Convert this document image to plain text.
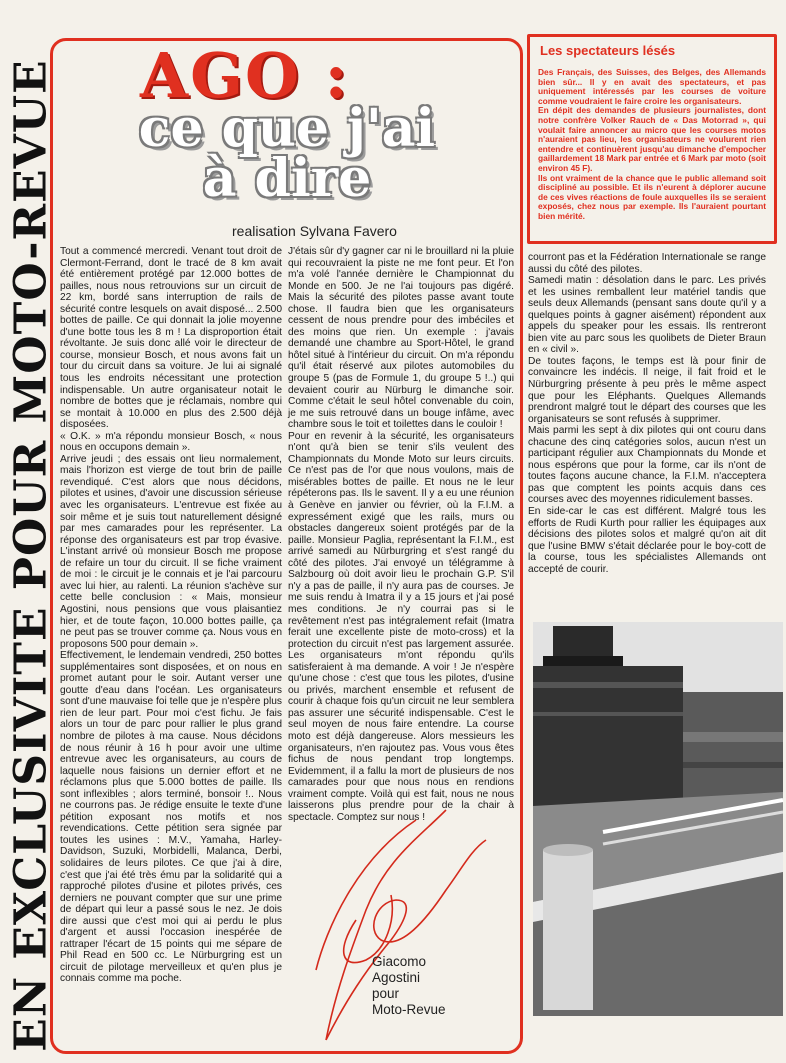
EN EXCLUSIVITE POUR MOTO-REVUE AGO :
ce que j'ai
à dire
realisation Sylvana Favero

Tout a commencé mercredi. Venant tout droit de Clermont-Ferrand, dont le tracé de 8 km avait été entièrement protégé par 12.000 bottes de pailles, nous nous retrouvions sur un circuit de 22 km, bordé sans interruption de rails de sécurité contre lesquels on avait disposé... 2.500 bottes de paille. Ce qui donnait la jolie moyenne d'une botte tous les 8 m ! La disproportion était révoltante. Je suis donc allé voir le directeur de course, monsieur Bosch, et nous avons fait un tour du circuit dans sa voiture. Je lui ai signalé tous les endroits nécessitant une protection indispensable. Un autre organisateur notait le nombre de bottes que je réclamais, nombre qui se montait à 10.000 en plus des 2.500 déjà disposées.

« O.K. » m'a répondu monsieur Bosch, « nous nous en occupons demain ».

Arrive jeudi ; des essais ont lieu normalement, mais l'horizon est vierge de tout brin de paille revendiqué. C'est alors que nous décidons, pilotes et usines, d'avoir une discussion sérieuse avec les organisateurs. L'entrevue est fixée au soir même et je suis tout naturellement désigné par mes camarades pour les représenter. La réponse des organisateurs est par trop évasive. L'instant arrivé où monsieur Bosch me propose de refaire un tour du circuit. Il se fiche vraiment de moi : le circuit je le connais et je l'ai parcouru avec lui hier, au ralenti. La réunion s'achève sur cette belle conclusion : « Mais, monsieur Agostini, nous pensions que vous plaisantiez hier, et de toute façon, 10.000 bottes paille, ça ne peut pas se trouver comme ça. Nous vous en proposons 500 pour demain ».

Effectivement, le lendemain vendredi, 250 bottes supplémentaires sont disposées, et on nous en promet autant pour le soir. Autant verser une goutte d'eau dans l'océan. Les organisateurs sont d'une mauvaise foi telle que je n'espère plus rien de leur part. Pour moi c'est fichu. Je fais alors un tour de parc pour rallier le plus grand nombre de pilotes à ma cause. Nous décidons de nous réunir à 16 h pour avoir une ultime entrevue avec les organisateurs, au cours de laquelle nous faisions un dernier effort et ne réclamons plus que 5.000 bottes de paille. Ils sont inflexibles ; alors terminé, bonsoir !.. Nous ne courrons pas. Je rédige ensuite le texte d'une pétition exposant nos motifs et nos revendications. Cette pétition sera signée par toutes les usines : M.V., Yamaha, Harley-Davidson, Suzuki, Morbidelli, Malanca, Derbi, solidaires de leurs pilotes. Ce que j'ai à dire, c'est que j'ai été très ému par la solidarité qui a rapproché pilotes d'usine et pilotes privés, ces derniers ne pouvant compter que sur une prime de départ qui leur a passé sous le nez. Je dois dire aussi que c'est moi qui ai perdu le plus d'argent et aussi l'occasion inespérée de rattraper l'écart de 15 points qui me sépare de Phil Read en 500 cc. Le Nürburgring est un circuit de pilotage merveilleux et qu'en plus je connais comme ma poche.

J'étais sûr d'y gagner car ni le brouillard ni la pluie qui recouvraient la piste ne me font peur. Et l'on m'a volé l'année dernière le Championnat du Monde en 500. Je ne l'ai toujours pas digéré. Mais la sécurité des pilotes passe avant toute chose. Il faudra bien que les organisateurs cessent de nous prendre pour des imbéciles et des moins que rien. Un exemple : j'avais demandé une chambre au Sport-Hôtel, le grand hôtel situé à l'intérieur du circuit. On m'a répondu qu'il était réservé aux pilotes automobiles du groupe 5 (pas de Formule 1, du groupe 5 !..) qui devaient courir au Nürburg le dimanche soir. Comme c'était le seul hôtel convenable du coin, je me suis retrouvé dans un bouge infâme, avec chambre sous le toit et toilettes dans le couloir !

Pour en revenir à la sécurité, les organisateurs n'ont qu'à bien se tenir s'ils veulent des Championnats du Monde Moto sur leurs circuits. Ce n'est pas de l'or que nous voulons, mais de misérables bottes de paille. Et nous ne le leur répéterons pas. Ils le savent. Il y a eu une réunion à Genève en janvier ou février, où la F.I.M. a expressément exigé que les rails, murs ou obstacles dangereux soient protégés par de la paille. Monsieur Paglia, représentant la F.I.M., est arrivé samedi au Nürburgring et s'est rangé du côté des pilotes. J'ai envoyé un télégramme à Salzbourg où doit avoir lieu le prochain G.P. S'il n'y a pas de paille, il n'y aura pas de courses. Je me suis rendu à Imatra il y a 15 jours et j'ai posé mes conditions. Je n'y courrai pas si le revêtement n'est pas intégralement refait (Imatra ferait une excellente piste de moto-cross) et la protection du circuit n'est pas largement assurée. Les organisateurs m'ont répondu qu'ils satisferaient à ma demande. A voir ! Je n'espère qu'une chose : c'est que tous les pilotes, d'usine ou privés, marchent ensemble et refusent de courir à chaque fois qu'un circuit ne leur semblera pas assurer une sécurité indispensable. C'est le seul moyen de nous faire entendre. La course moto est déjà dangereuse. Alors messieurs les organisateurs, n'en rajoutez pas. Vous vous êtes fichus de nous pendant trop longtemps. Evidemment, il a fallu la mort de plusieurs de nos camarades pour que nous nous en rendions vraiment compte. Voilà qui est fait, nous ne nous laisserons plus prendre pour de la chair à spectacle. Comptez sur nous !

Giacomo
Agostini
pour
Moto-Revue
Les spectateurs lésés

Des Français, des Suisses, des Belges, des Allemands bien sûr... Il y en avait des spectateurs, et pas uniquement intéressés par les courses de voiture comme voudraient le faire croire les organisateurs.

En dépit des demandes de plusieurs journalistes, dont notre confrère Volker Rauch de « Das Motorrad », qui voulait faire annoncer au micro que les courses motos n'auraient pas lieu, les organisateurs ne voulurent rien entendre et continuèrent jusqu'au dimanche d'empocher gaillardement 18 Mark par entrée et 6 Mark par moto (soit environ 45 F).

Ils ont vraiment de la chance que le public allemand soit discipliné au possible. Et ils n'eurent à déplorer aucune de ces vives réactions de foule auxquelles ils se seraient exposés, chez nous par exemple. Ils l'auraient pourtant bien mérité.

courront pas et la Fédération Internationale se range aussi du côté des pilotes.

Samedi matin : désolation dans le parc. Les privés et les usines remballent leur matériel tandis que seuls deux Allemands (pensant sans doute qu'il y a quelques points à gagner aisément) répondent aux appels du speaker pour les essais. Ils rentreront bien vite au parc sous les quolibets de Dieter Braun en « civil ».

De toutes façons, le temps est là pour finir de convaincre les indécis. Il neige, il fait froid et le Nürburgring présente à peu près le même aspect que pour les Eléphants. Quelques Allemands prendront malgré tout le départ des courses que les organisateurs se sont refusés à supprimer.

Mais parmi les sept à dix pilotes qui ont couru dans chacune des cinq catégories solos, aucun n'est un participant régulier aux Championnats du Monde et nous espérons que pour la forme, car ils n'ont de toutes façons aucune chance, la F.I.M. n'acceptera pas que comptent les points acquis dans ces courses avec des moyennes ridiculement basses.

En side-car le cas est différent. Malgré tous les efforts de Rudi Kurth pour rallier les équipages aux décisions des pilotes solos et malgré qu'on ait dit que l'usine BMW s'était déclarée pour le boy-cott de la course, tous les spécialistes Allemands ont accepté de courir.
